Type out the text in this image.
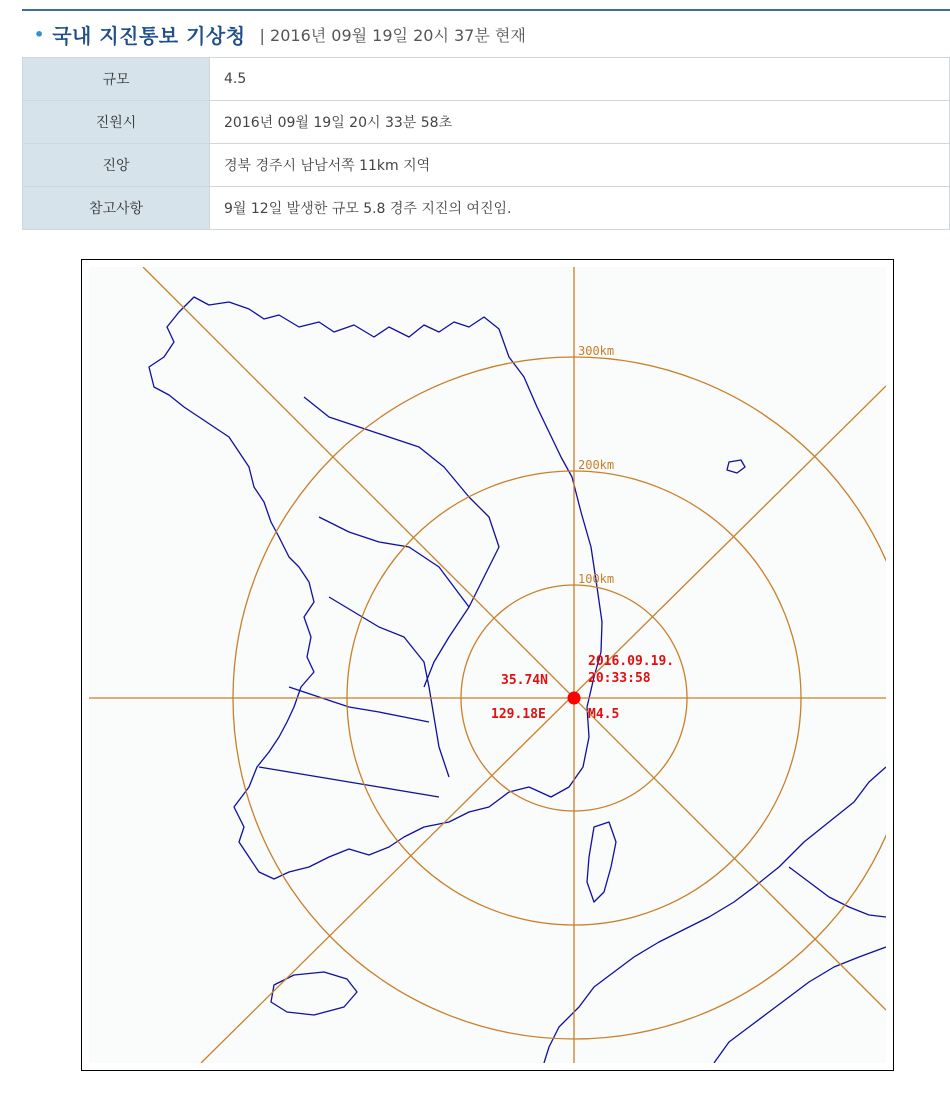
• 국내 지진통보 기상청 | 2016년 09월 19일 20시 37분 현재
규모	4.5
진원시	2016년 09월 19일 20시 33분 58초
진앙	경북 경주시 남남서쪽 11km 지역
참고사항	9월 12일 발생한 규모 5.8 경주 지진의 여진임.
100km
200km
300km
35.74N
129.18E
2016.09.19.
20:33:58
M4.5
